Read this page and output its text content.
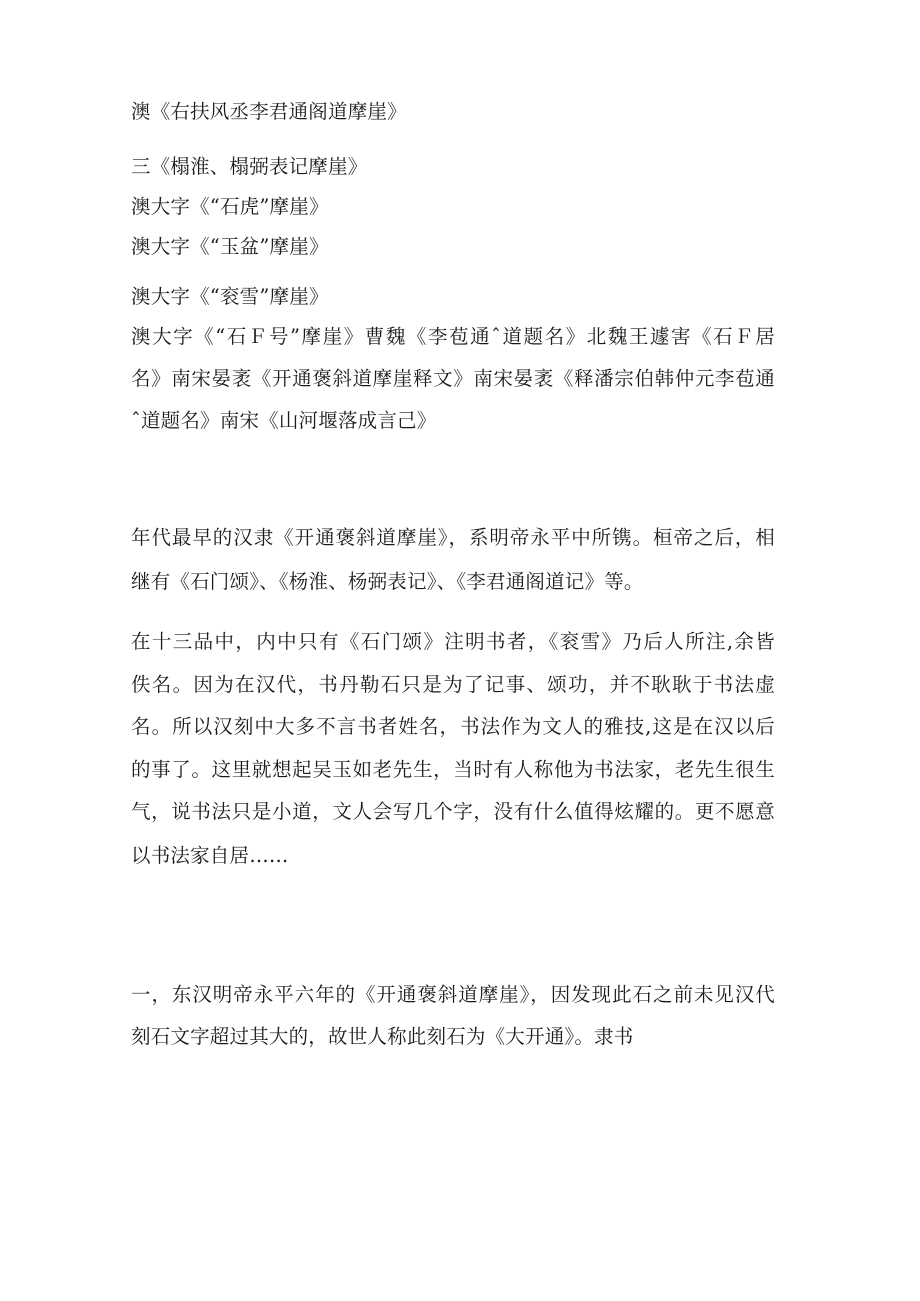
澳《右扶风丞李君通阁道摩崖》
三《榻淮、榻弼表记摩崖》
澳大字《“石虎”摩崖》
澳大字《“玉盆”摩崖》
澳大字《“衮雪”摩崖》
澳大字《“石Ｆ号”摩崖》曹魏《李苞通ˆ道题名》北魏王遽害《石Ｆ居
名》南宋晏袤《开通褒斜道摩崖释文》南宋晏袤《释潘宗伯韩仲元李苞通
ˆ道题名》南宋《山河堰落成言己》
年代最早的汉隶《开通褒斜道摩崖》，系明帝永平中所镌。桓帝之后，相
继有《石门颂》、《杨淮、杨弼表记》、《李君通阁道记》等。
在十三品中，内中只有《石门颂》注明书者，《衮雪》乃后人所注,余皆
佚名。因为在汉代，书丹勒石只是为了记事、颂功，并不耿耿于书法虚
名。所以汉刻中大多不言书者姓名，书法作为文人的雅技,这是在汉以后
的事了。这里就想起吴玉如老先生，当时有人称他为书法家，老先生很生
气，说书法只是小道，文人会写几个字，没有什么值得炫耀的。更不愿意
以书法家自居……
一，东汉明帝永平六年的《开通褒斜道摩崖》，因发现此石之前未见汉代
刻石文字超过其大的，故世人称此刻石为《大开通》。隶书
